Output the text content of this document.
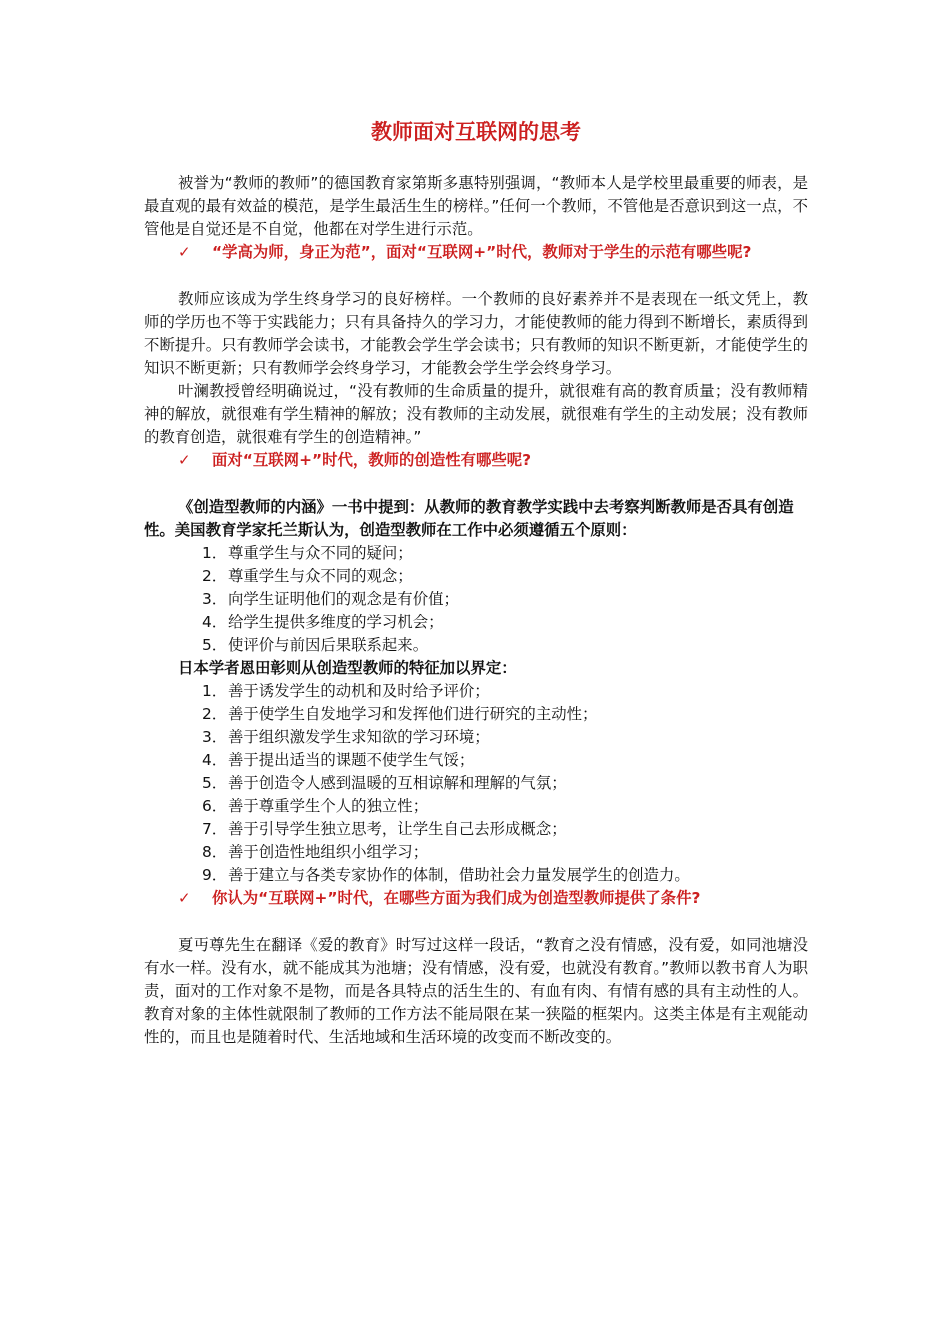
教师面对互联网的思考

被誉为“教师的教师”的德国教育家第斯多惠特别强调，“教师本人是学校里最重要的师表，是最直观的最有效益的模范，是学生最活生生的榜样。”任何一个教师，不管他是否意识到这一点，不管他是自觉还是不自觉，他都在对学生进行示范。

✓ “学高为师，身正为范”，面对“互联网+”时代，教师对于学生的示范有哪些呢?

教师应该成为学生终身学习的良好榜样。一个教师的良好素养并不是表现在一纸文凭上，教师的学历也不等于实践能力；只有具备持久的学习力，才能使教师的能力得到不断增长，素质得到不断提升。只有教师学会读书，才能教会学生学会读书；只有教师的知识不断更新，才能使学生的知识不断更新；只有教师学会终身学习，才能教会学生学会终身学习。

叶澜教授曾经明确说过，“没有教师的生命质量的提升，就很难有高的教育质量；没有教师精神的解放，就很难有学生精神的解放；没有教师的主动发展，就很难有学生的主动发展；没有教师的教育创造，就很难有学生的创造精神。”

✓ 面对“互联网+”时代，教师的创造性有哪些呢?

《创造型教师的内涵》一书中提到：从教师的教育教学实践中去考察判断教师是否具有创造性。美国教育学家托兰斯认为，创造型教师在工作中必须遵循五个原则：

1．尊重学生与众不同的疑问；
2．尊重学生与众不同的观念；
3．向学生证明他们的观念是有价值；
4．给学生提供多维度的学习机会；
5．使评价与前因后果联系起来。

日本学者恩田彰则从创造型教师的特征加以界定：

1．善于诱发学生的动机和及时给予评价；
2．善于使学生自发地学习和发挥他们进行研究的主动性；
3．善于组织激发学生求知欲的学习环境；
4．善于提出适当的课题不使学生气馁；
5．善于创造令人感到温暖的互相谅解和理解的气氛；
6．善于尊重学生个人的独立性；
7．善于引导学生独立思考，让学生自己去形成概念；
8．善于创造性地组织小组学习；
9．善于建立与各类专家协作的体制，借助社会力量发展学生的创造力。
✓ 你认为“互联网+”时代，在哪些方面为我们成为创造型教师提供了条件?

夏丏尊先生在翻译《爱的教育》时写过这样一段话，“教育之没有情感，没有爱，如同池塘没有水一样。没有水，就不能成其为池塘；没有情感，没有爱，也就没有教育。”教师以教书育人为职责，面对的工作对象不是物，而是各具特点的活生生的、有血有肉、有情有感的具有主动性的人。教育对象的主体性就限制了教师的工作方法不能局限在某一狭隘的框架内。这类主体是有主观能动性的，而且也是随着时代、生活地域和生活环境的改变而不断改变的。
